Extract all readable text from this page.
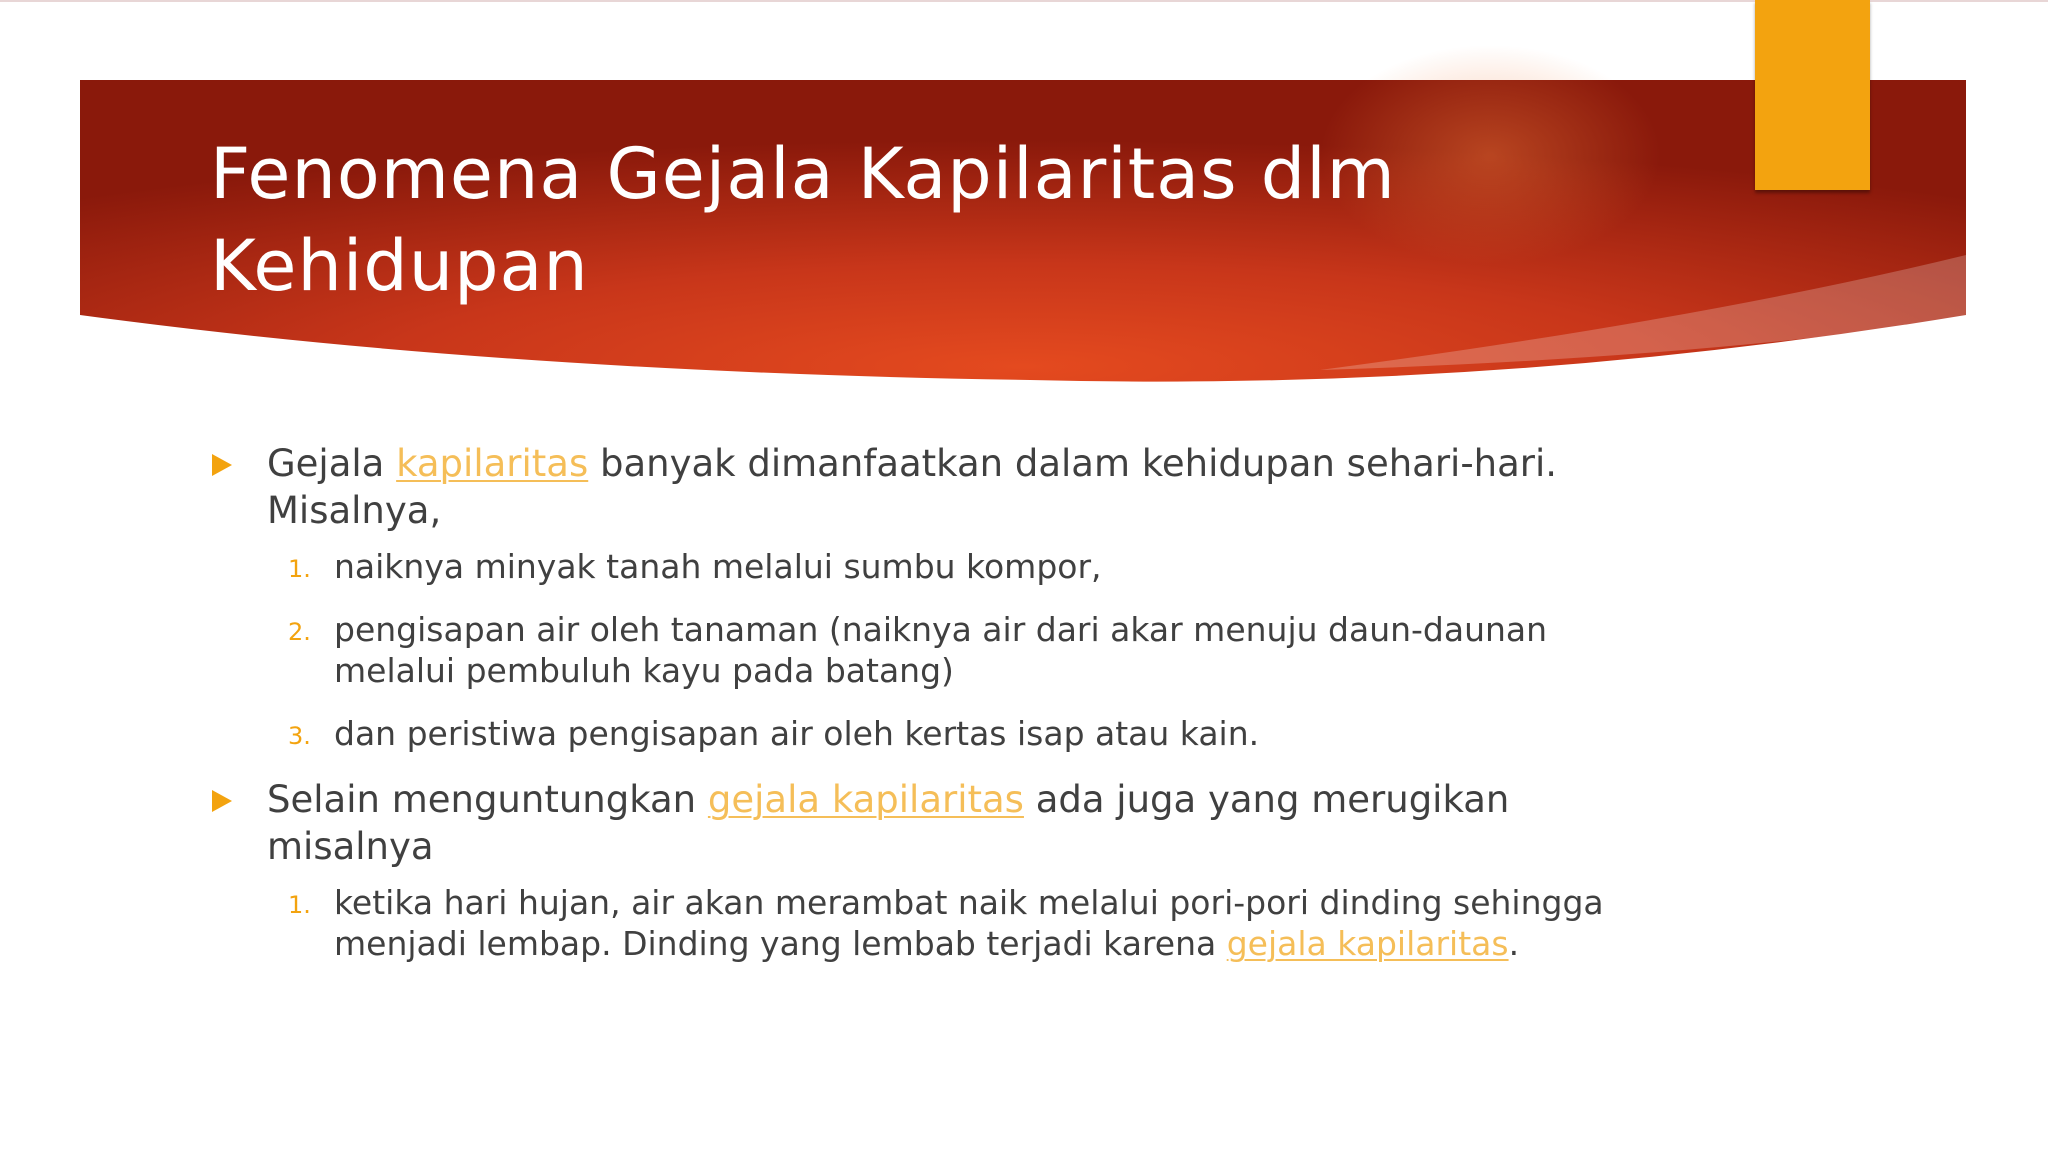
Fenomena Gejala Kapilaritas dlm Kehidupan
Gejala kapilaritas banyak dimanfaatkan dalam kehidupan sehari-hari. Misalnya,
1. naiknya minyak tanah melalui sumbu kompor,
2. pengisapan air oleh tanaman (naiknya air dari akar menuju daun-daunan melalui pembuluh kayu pada batang)
3. dan peristiwa pengisapan air oleh kertas isap atau kain.
Selain menguntungkan gejala kapilaritas ada juga yang merugikan misalnya
1. ketika hari hujan, air akan merambat naik melalui pori-pori dinding sehingga menjadi lembap. Dinding yang lembab terjadi karena gejala kapilaritas.
